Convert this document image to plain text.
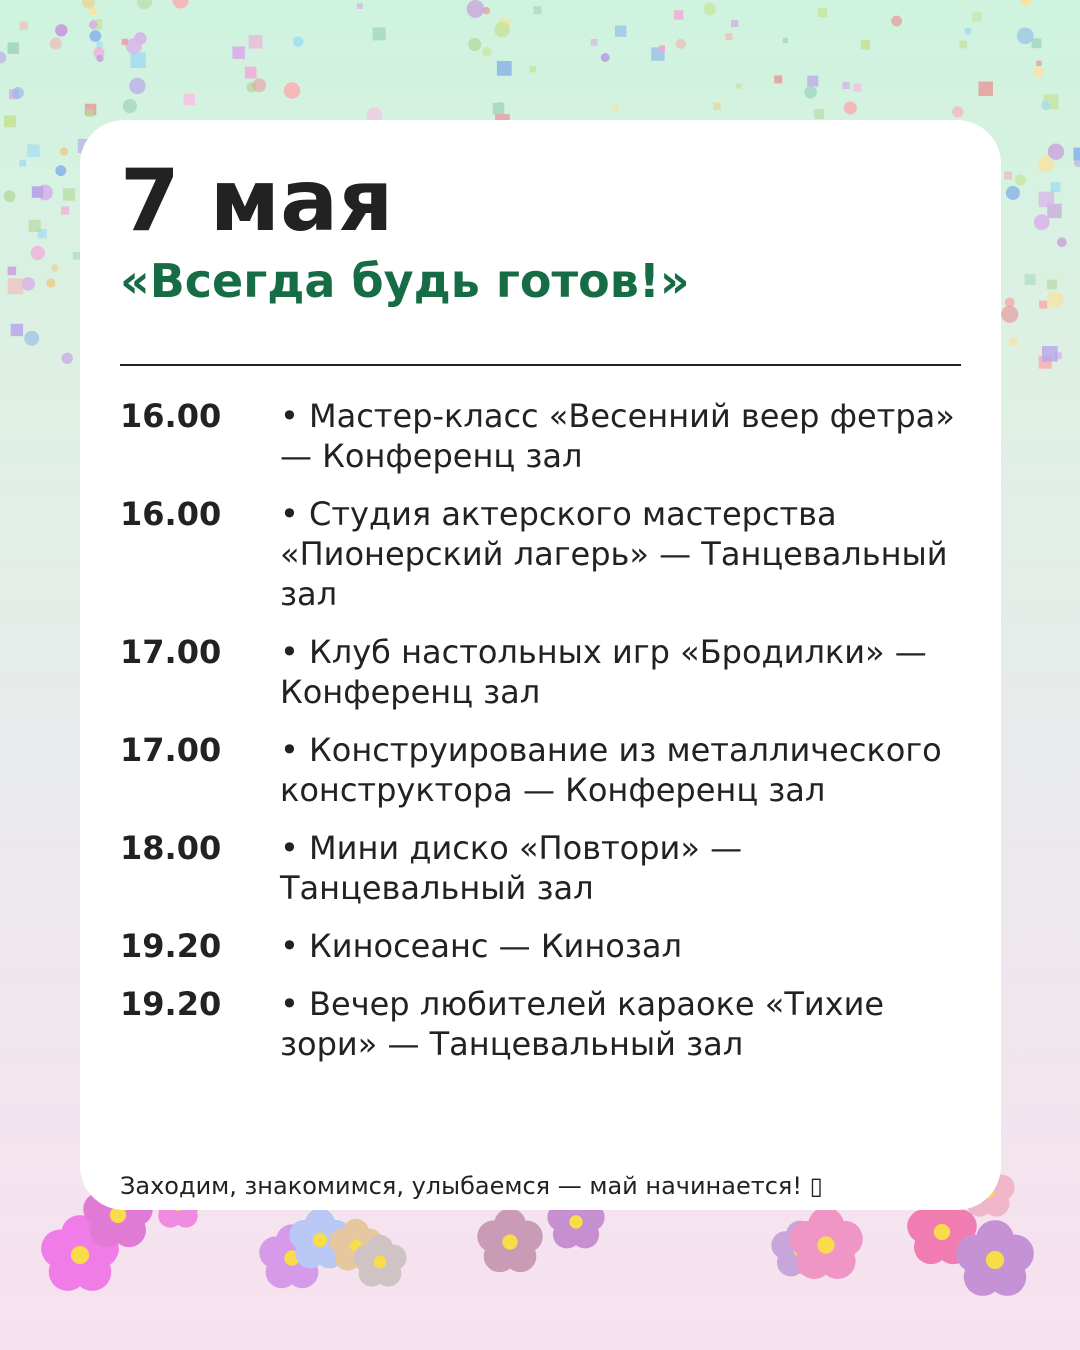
7 мая
«Всегда будь готов!»
16.00	• Мастер-класс «Весенний веер фетра» — Конференц зал
16.00	• Студия актерского мастерства «Пионерский лагерь» — Танцевальный зал
17.00	• Клуб настольных игр «Бродилки» — Конференц зал
17.00	• Конструирование из металлического конструктора — Конференц зал
18.00	• Мини диско «Повтори» — Танцевальный зал
19.20	• Киносеанс — Кинозал
19.20	• Вечер любителей караоке «Тихие зори» — Танцевальный зал

Заходим, знакомимся, улыбаемся — май начинается! ▯
